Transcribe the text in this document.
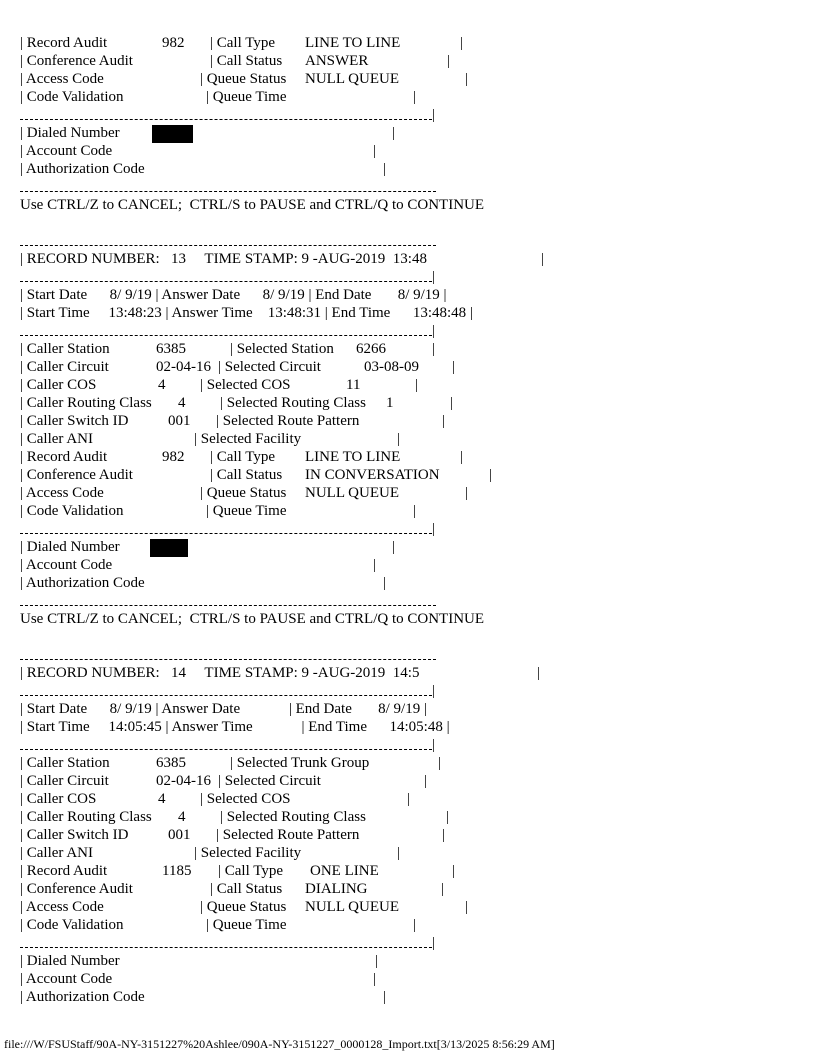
| Record Audit	982 | Call Type LINE TO LINE	|
| Conference Audit	| Call Status ANSWER	|
| Access Code	| Queue Status NULL QUEUE	|
| Code Validation	| Queue Time	|
|
| Dialed Number	|
| Account Code	|
| Authorization Code	|
Use CTRL/Z to CANCEL;  CTRL/S to PAUSE and CTRL/Q to CONTINUE
| RECORD NUMBER:   13     TIME STAMP: 9 -AUG-2019  13:48	|
|
| Start Date      8/ 9/19 | Answer Date      8/ 9/19 | End Date       8/ 9/19 |
| Start Time     13:48:23 | Answer Time    13:48:31 | End Time      13:48:48 |
|
| Caller Station	6385	| Selected Station 6266	|
| Caller Circuit	02-04-16 | Selected Circuit	03-08-09 |
| Caller COS	4 | Selected COS	11	|
| Caller Routing Class 4 | Selected Routing Class 1	|
| Caller Switch ID	001 | Selected Route Pattern	|
| Caller ANI	| Selected Facility	|
| Record Audit	982 | Call Type LINE TO LINE	|
| Conference Audit	| Call Status IN CONVERSATION	|
| Access Code	| Queue Status NULL QUEUE	|
| Code Validation	| Queue Time	|
|
| Dialed Number	|
| Account Code	|
| Authorization Code	|
Use CTRL/Z to CANCEL;  CTRL/S to PAUSE and CTRL/Q to CONTINUE
| RECORD NUMBER:   14     TIME STAMP: 9 -AUG-2019  14:5	|
|
| Start Date      8/ 9/19 | Answer Date             | End Date       8/ 9/19 |
| Start Time     14:05:45 | Answer Time             | End Time      14:05:48 |
|
| Caller Station	6385	| Selected Trunk Group	|
| Caller Circuit	02-04-16 | Selected Circuit	|
| Caller COS	4 | Selected COS	|
| Caller Routing Class 4 | Selected Routing Class	|
| Caller Switch ID	001 | Selected Route Pattern	|
| Caller ANI	| Selected Facility	|
| Record Audit	1185 | Call Type ONE LINE	|
| Conference Audit	| Call Status DIALING	|
| Access Code	| Queue Status NULL QUEUE	|
| Code Validation	| Queue Time	|
|
| Dialed Number	|
| Account Code	|
| Authorization Code	|
file:///W/FSUStaff/90A-NY-3151227%20Ashlee/090A-NY-3151227_0000128_Import.txt[3/13/2025 8:56:29 AM]
